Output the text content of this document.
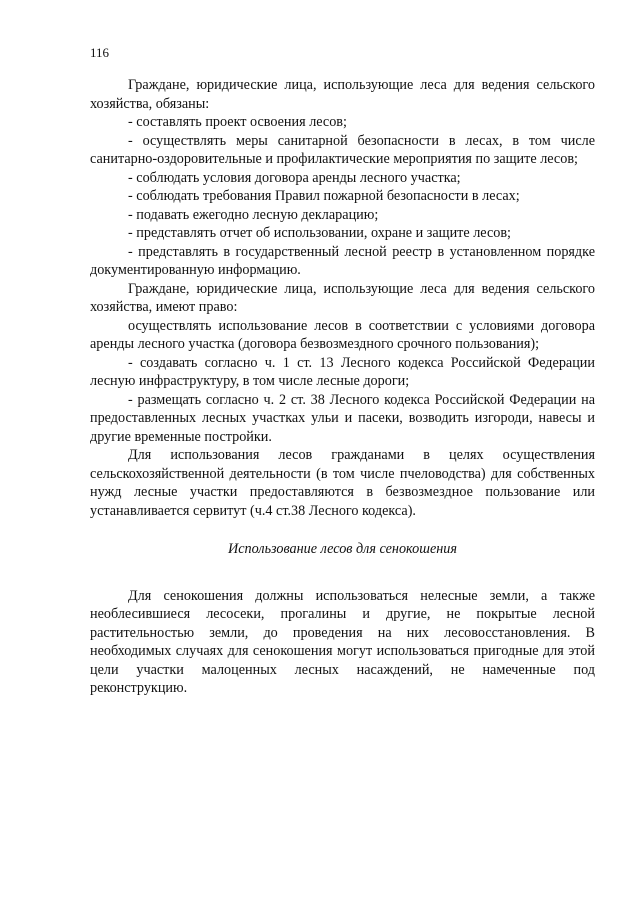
116

Граждане, юридические лица, использующие леса для ведения сельского хозяйства, обязаны:

- составлять проект освоения лесов;

- осуществлять меры санитарной безопасности в лесах, в том числе санитарно-оздоровительные и профилактические мероприятия по защите лесов;

- соблюдать условия договора аренды лесного участка;

- соблюдать требования Правил пожарной безопасности в лесах;

- подавать ежегодно лесную декларацию;

- представлять отчет об использовании, охране и защите лесов;

- представлять в государственный лесной реестр в установленном порядке документированную информацию.

Граждане, юридические лица, использующие леса для ведения сельского хозяйства, имеют право:

осуществлять использование лесов в соответствии с условиями договора аренды лесного участка (договора безвозмездного срочного пользования);

- создавать согласно ч. 1 ст. 13 Лесного кодекса Российской Федерации лесную инфраструктуру, в том числе лесные дороги;

- размещать согласно ч. 2 ст. 38 Лесного кодекса Российской Федерации на предоставленных лесных участках ульи и пасеки, возводить изгороди, навесы и другие временные постройки.

Для использования лесов гражданами в целях осуществления сельскохозяйственной деятельности (в том числе пчеловодства) для собственных нужд лесные участки предоставляются в безвозмездное пользование или устанавливается сервитут (ч.4 ст.38 Лесного кодекса).

Использование лесов для сенокошения

Для сенокошения должны использоваться нелесные земли, а также необлесившиеся лесосеки, прогалины и другие, не покрытые лесной растительностью земли, до проведения на них лесовосстановления. В необходимых случаях для сенокошения могут использоваться пригодные для этой цели участки малоценных лесных насаждений, не намеченные под реконструкцию.
